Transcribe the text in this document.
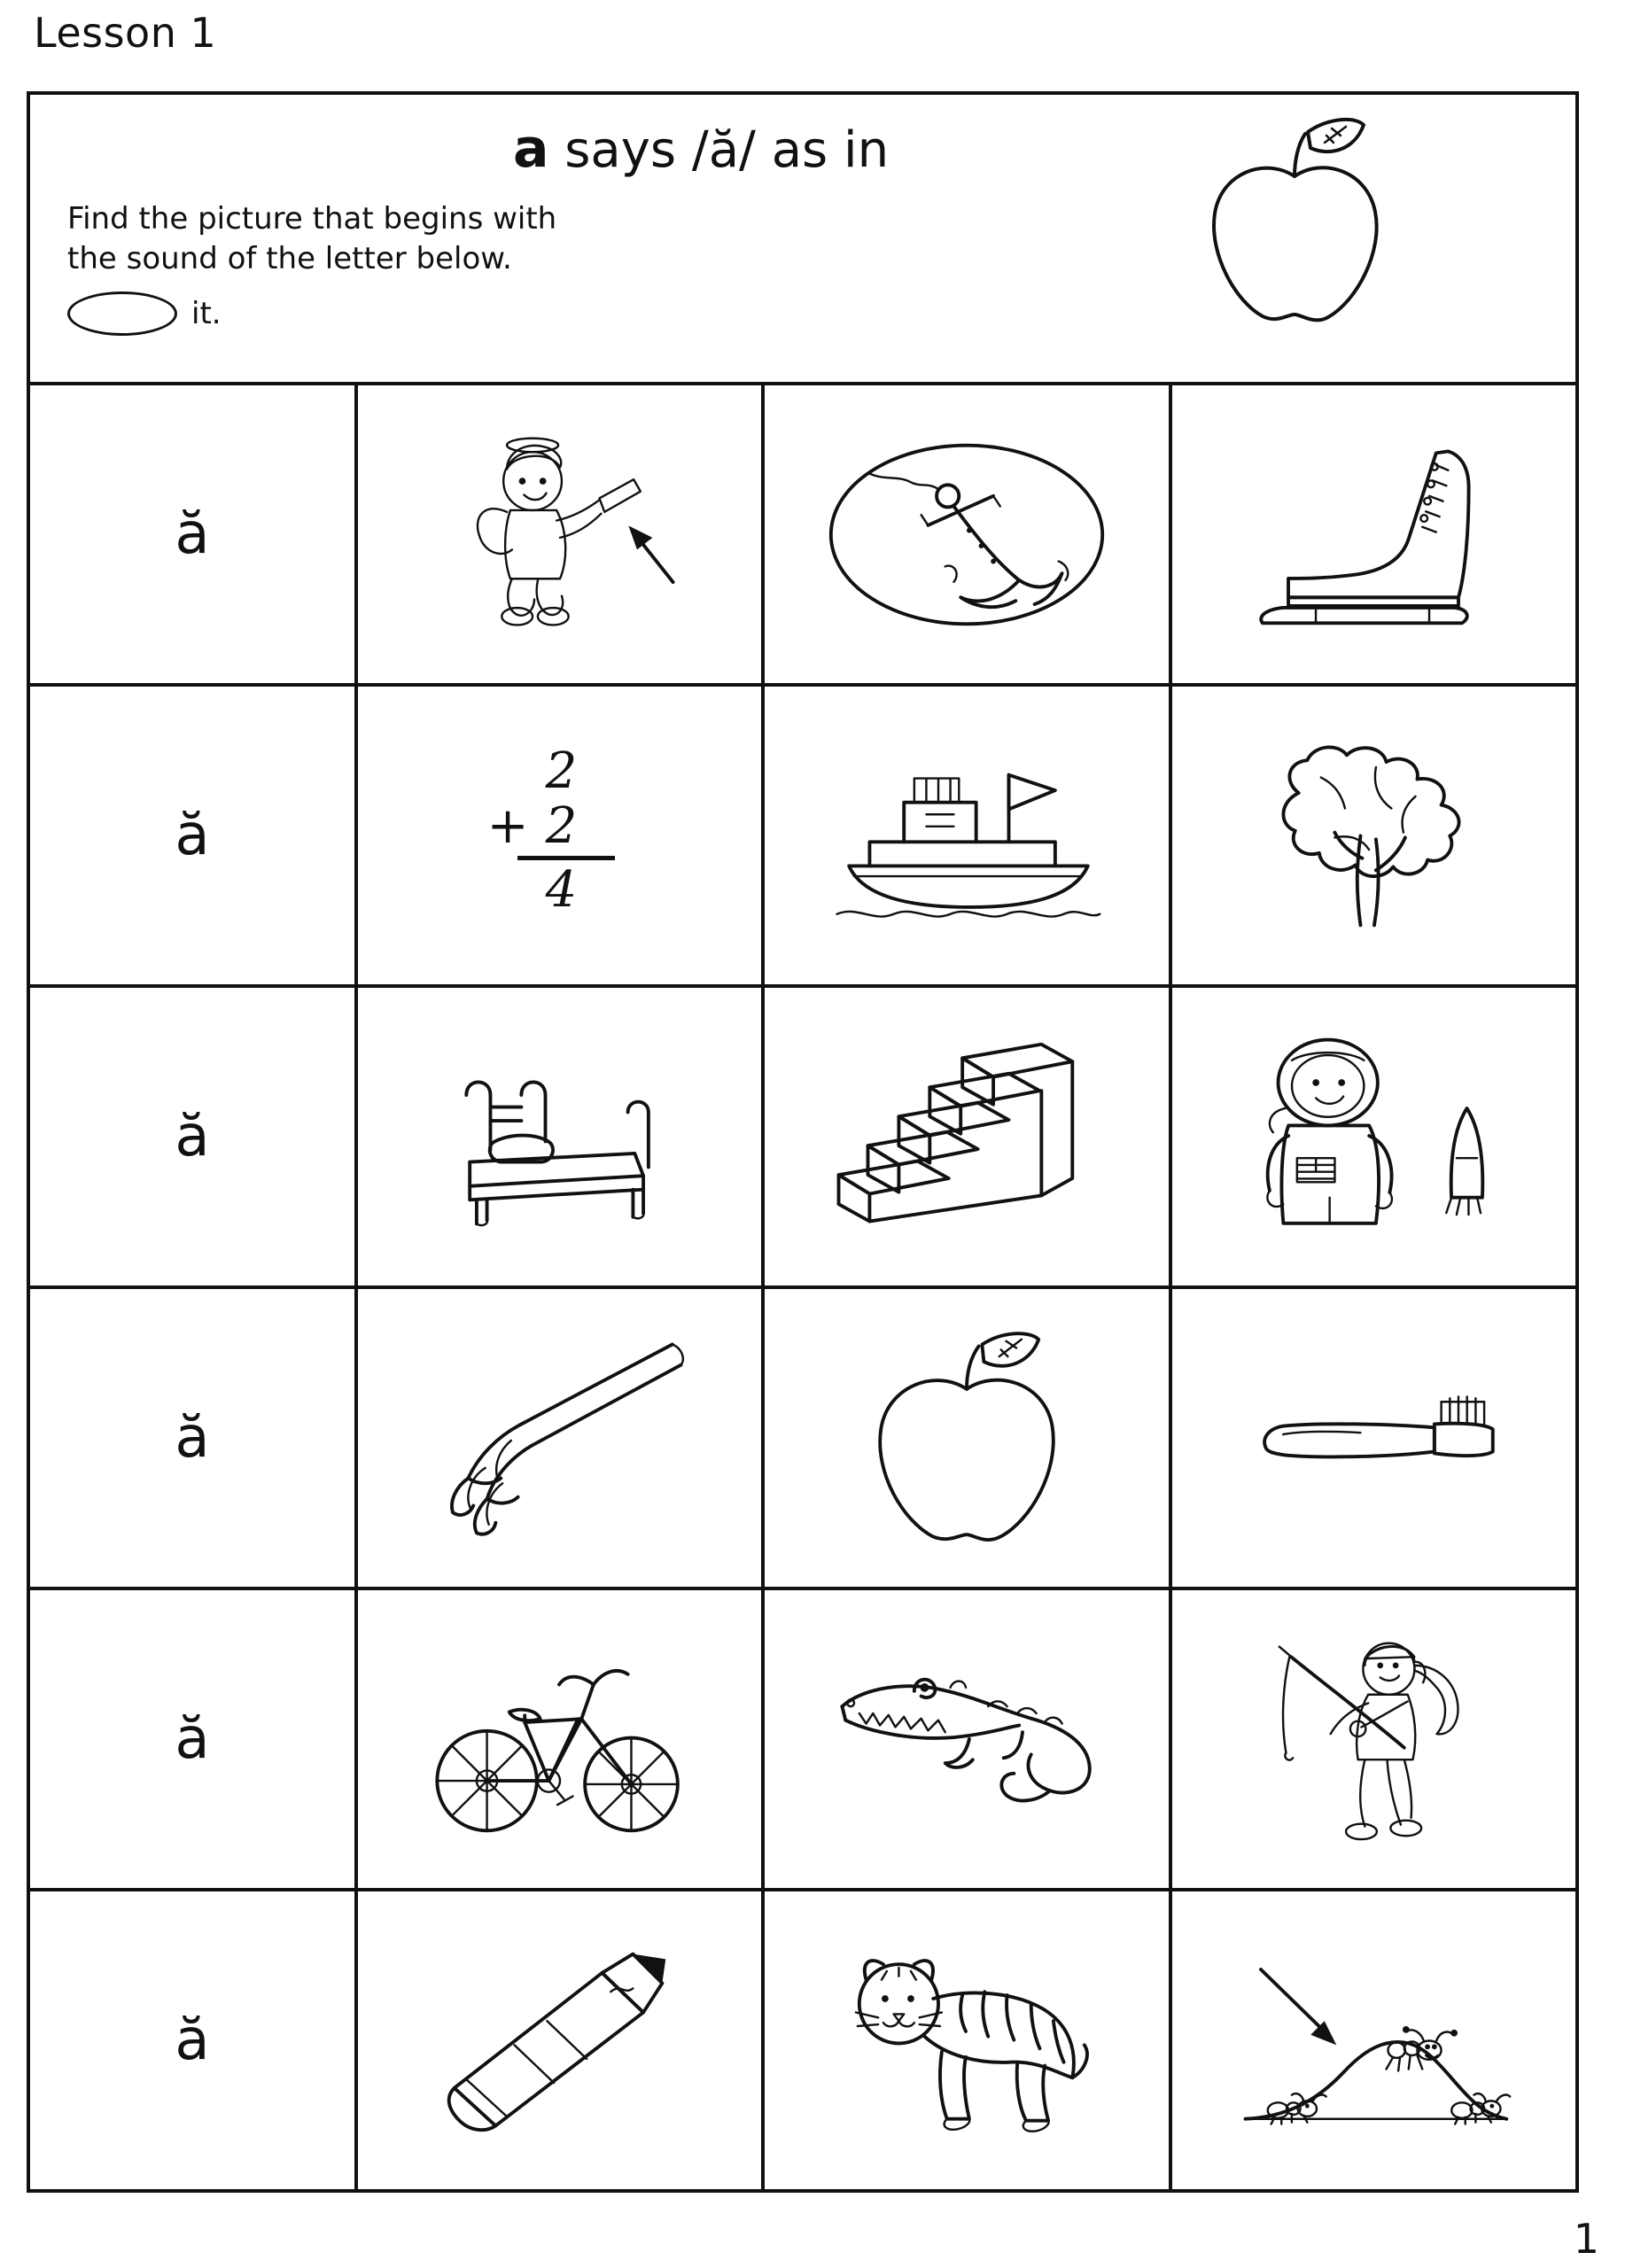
Lesson 1
a says /ă/ as in
Find the picture that begins with
the sound of the letter below.
it.
ă
ă
2
+ 2
4
ă
ă
ă
ă
1
